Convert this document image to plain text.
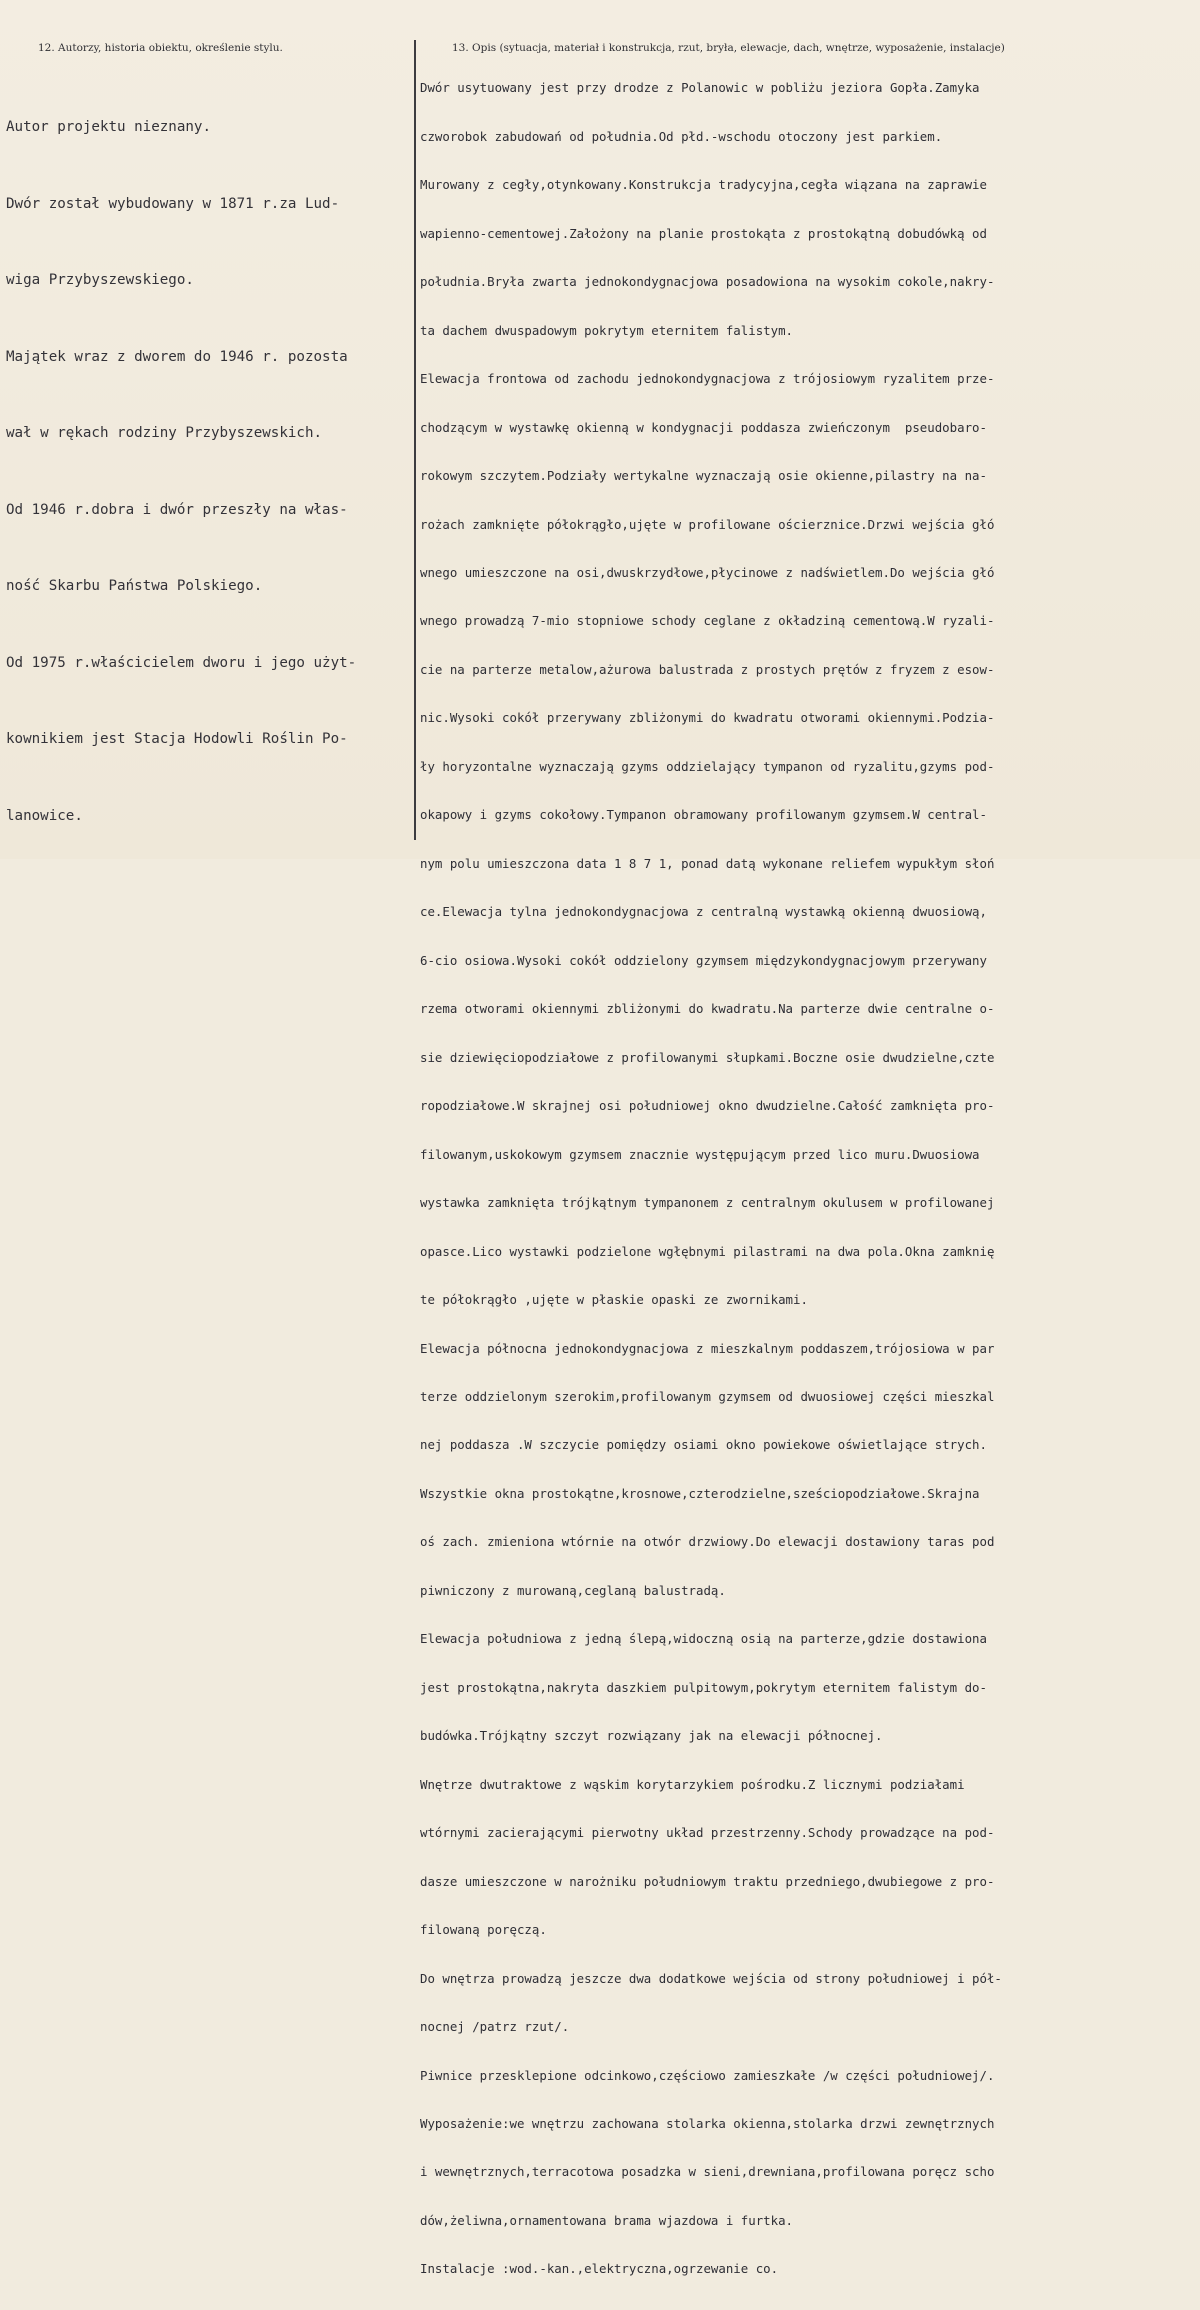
12. Autorzy, historia obiektu, określenie stylu.	13. Opis (sytuacja, materiał i konstrukcja, rzut, bryła, elewacje, dach, wnętrze, wyposażenie, instalacje)

Autor projektu nieznany.

Dwór został wybudowany w 1871 r.za Lud-

wiga Przybyszewskiego.

Majątek wraz z dworem do 1946 r. pozosta

wał w rękach rodziny Przybyszewskich.

Od 1946 r.dobra i dwór przeszły na włas-

ność Skarbu Państwa Polskiego.

Od 1975 r.właścicielem dworu i jego użyt-

kownikiem jest Stacja Hodowli Roślin Po-

lanowice.

Dwór usytuowany jest przy drodze z Polanowic w pobliżu jeziora Gopła.Zamyka

czworobok zabudowań od południa.Od płd.-wschodu otoczony jest parkiem.

Murowany z cegły,otynkowany.Konstrukcja tradycyjna,cegła wiązana na zaprawie

wapienno-cementowej.Założony na planie prostokąta z prostokątną dobudówką od

południa.Bryła zwarta jednokondygnacjowa posadowiona na wysokim cokole,nakry-

ta dachem dwuspadowym pokrytym eternitem falistym.

Elewacja frontowa od zachodu jednokondygnacjowa z trójosiowym ryzalitem prze-

chodzącym w wystawkę okienną w kondygnacji poddasza zwieńczonym  pseudobaro-

rokowym szczytem.Podziały wertykalne wyznaczają osie okienne,pilastry na na-

rożach zamknięte półokrągło,ujęte w profilowane ościerznice.Drzwi wejścia głó

wnego umieszczone na osi,dwuskrzydłowe,płycinowe z nadświetlem.Do wejścia głó

wnego prowadzą 7-mio stopniowe schody ceglane z okładziną cementową.W ryzali-

cie na parterze metalow,ażurowa balustrada z prostych prętów z fryzem z esow-

nic.Wysoki cokół przerywany zbliżonymi do kwadratu otworami okiennymi.Podzia-

ły horyzontalne wyznaczają gzyms oddzielający tympanon od ryzalitu,gzyms pod-

okapowy i gzyms cokołowy.Tympanon obramowany profilowanym gzymsem.W central-

nym polu umieszczona data 1 8 7 1, ponad datą wykonane reliefem wypukłym słoń

ce.Elewacja tylna jednokondygnacjowa z centralną wystawką okienną dwuosiową,

6-cio osiowa.Wysoki cokół oddzielony gzymsem międzykondygnacjowym przerywany

rzema otworami okiennymi zbliżonymi do kwadratu.Na parterze dwie centralne o-

sie dziewięciopodziałowe z profilowanymi słupkami.Boczne osie dwudzielne,czte

ropodziałowe.W skrajnej osi południowej okno dwudzielne.Całość zamknięta pro-

filowanym,uskokowym gzymsem znacznie występującym przed lico muru.Dwuosiowa

wystawka zamknięta trójkątnym tympanonem z centralnym okulusem w profilowanej

opasce.Lico wystawki podzielone wgłębnymi pilastrami na dwa pola.Okna zamknię

te półokrągło ,ujęte w płaskie opaski ze zwornikami.

Elewacja północna jednokondygnacjowa z mieszkalnym poddaszem,trójosiowa w par

terze oddzielonym szerokim,profilowanym gzymsem od dwuosiowej części mieszkal

nej poddasza .W szczycie pomiędzy osiami okno powiekowe oświetlające strych.

Wszystkie okna prostokątne,krosnowe,czterodzielne,sześciopodziałowe.Skrajna

oś zach. zmieniona wtórnie na otwór drzwiowy.Do elewacji dostawiony taras pod

piwniczony z murowaną,ceglaną balustradą.

Elewacja południowa z jedną ślepą,widoczną osią na parterze,gdzie dostawiona

jest prostokątna,nakryta daszkiem pulpitowym,pokrytym eternitem falistym do-

budówka.Trójkątny szczyt rozwiązany jak na elewacji północnej.

Wnętrze dwutraktowe z wąskim korytarzykiem pośrodku.Z licznymi podziałami

wtórnymi zacierającymi pierwotny układ przestrzenny.Schody prowadzące na pod-

dasze umieszczone w narożniku południowym traktu przedniego,dwubiegowe z pro-

filowaną poręczą.

Do wnętrza prowadzą jeszcze dwa dodatkowe wejścia od strony południowej i pół-

nocnej /patrz rzut/.

Piwnice przesklepione odcinkowo,częściowo zamieszkałe /w części południowej/.

Wyposażenie:we wnętrzu zachowana stolarka okienna,stolarka drzwi zewnętrznych

i wewnętrznych,terracotowa posadzka w sieni,drewniana,profilowana poręcz scho

dów,żeliwna,ornamentowana brama wjazdowa i furtka.

Instalacje :wod.-kan.,elektryczna,ogrzewanie co.
